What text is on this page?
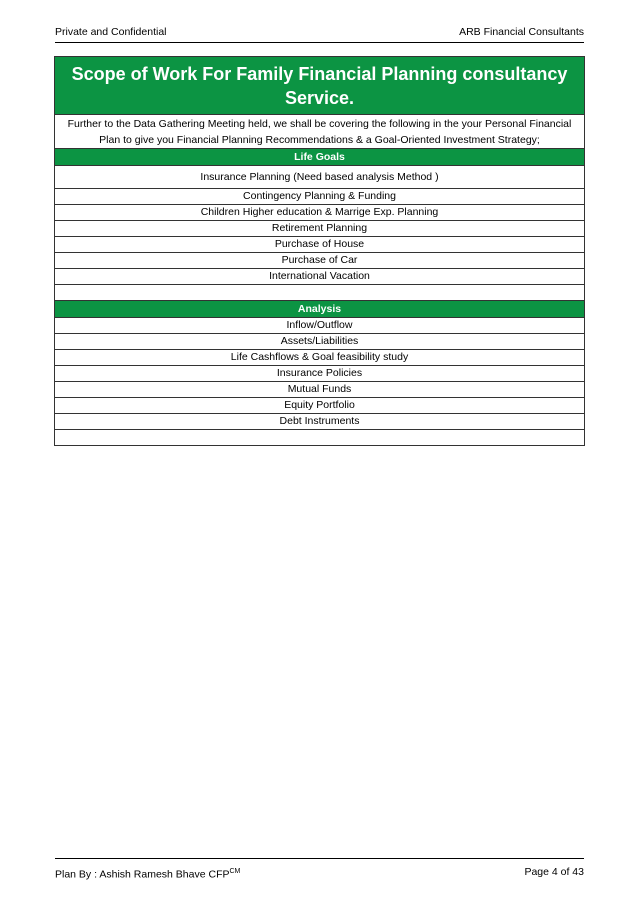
Private and Confidential	ARB Financial Consultants
Scope of Work For Family Financial Planning consultancy Service.
Further to the Data Gathering Meeting held, we shall be covering the following in the your Personal Financial Plan to give you Financial Planning Recommendations & a Goal-Oriented Investment Strategy;
Life Goals
Insurance Planning (Need based analysis Method )
Contingency Planning & Funding
Children Higher education & Marrige Exp. Planning
Retirement Planning
Purchase of House
Purchase of Car
International Vacation
Analysis
Inflow/Outflow
Assets/Liabilities
Life Cashflows & Goal feasibility study
Insurance Policies
Mutual Funds
Equity Portfolio
Debt Instruments
Plan By : Ashish Ramesh Bhave $CFP^{CM}$	Page 4 of 43
